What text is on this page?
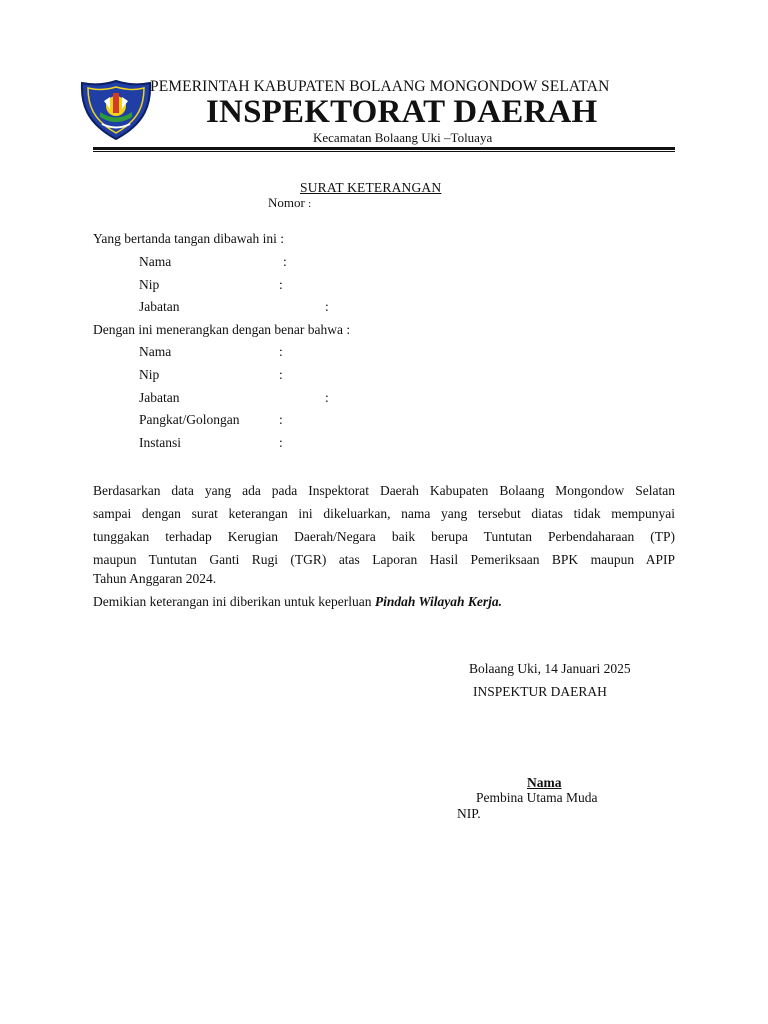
PEMERINTAH KABUPATEN BOLAANG MONGONDOW SELATAN
INSPEKTORAT DAERAH
Kecamatan Bolaang Uki –Toluaya
SURAT KETERANGAN
Nomor :
Yang bertanda tangan dibawah ini :
Nama	:
Nip	:
Jabatan	:
Dengan ini menerangkan dengan benar bahwa :
Nama	:
Nip	:
Jabatan	:
Pangkat/Golongan	:
Instansi	:
Berdasarkan data yang ada pada Inspektorat Daerah Kabupaten Bolaang Mongondow Selatan
sampai dengan surat keterangan ini dikeluarkan, nama yang tersebut diatas tidak mempunyai
tunggakan terhadap Kerugian Daerah/Negara baik berupa Tuntutan Perbendaharaan (TP)
maupun Tuntutan Ganti Rugi (TGR) atas Laporan Hasil Pemeriksaan BPK maupun APIP
Tahun Anggaran 2024.
Demikian keterangan ini diberikan untuk keperluan Pindah Wilayah Kerja.
Bolaang Uki, 14 Januari 2025
INSPEKTUR DAERAH
Nama
Pembina Utama Muda
NIP.
